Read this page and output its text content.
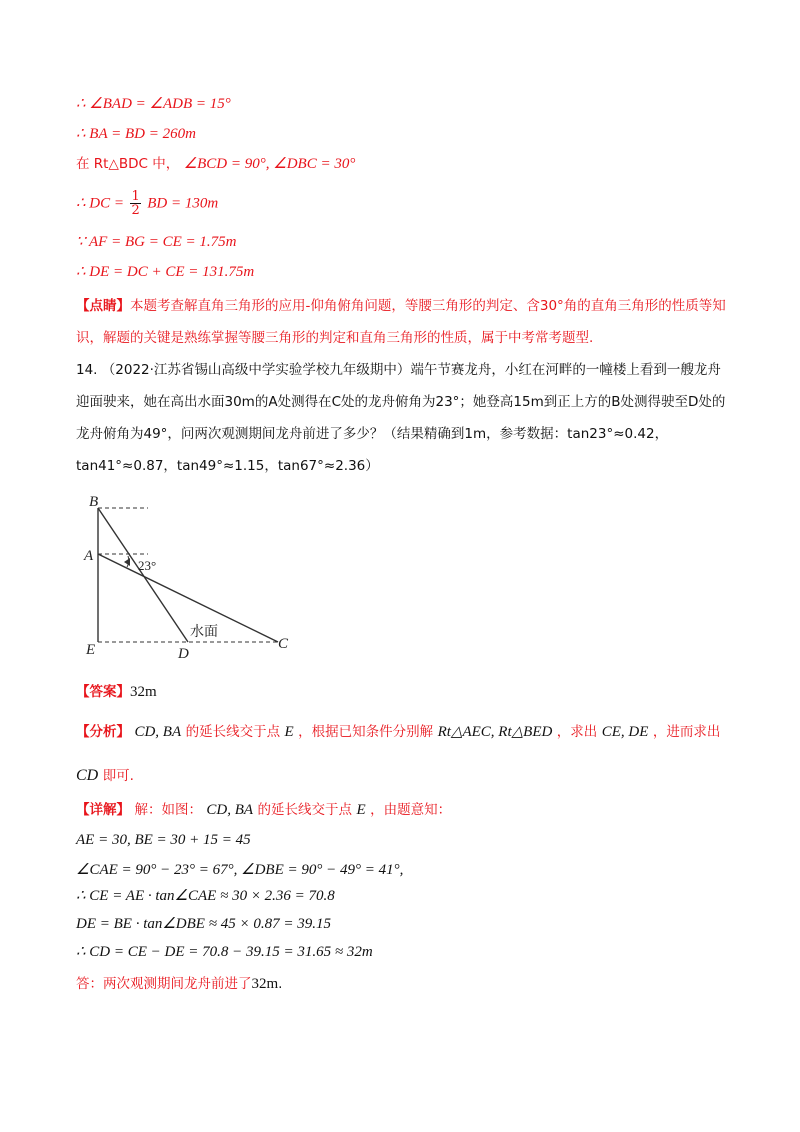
∴ ∠BAD = ∠ADB = 15°
∴ BA = BD = 260m
在 Rt△BDC 中， ∠BCD = 90°, ∠DBC = 30°
∴ DC = $\frac{1}{2}$ BD = 130m
∵ AF = BG = CE = 1.75m
∴ DE = DC + CE = 131.75m
【点睛】本题考查解直角三角形的应用-仰角俯角问题，等腰三角形的判定、含30°角的直角三角形的性质等知识，解题的关键是熟练掌握等腰三角形的判定和直角三角形的性质，属于中考常考题型.
14. （2022·江苏省锡山高级中学实验学校九年级期中）端午节赛龙舟，小红在河畔的一幢楼上看到一艘龙舟迎面驶来，她在高出水面30m的A处测得在C处的龙舟俯角为23°；她登高15m到正上方的B处测得驶至D处的龙舟俯角为49°，问两次观测期间龙舟前进了多少？（结果精确到1m，参考数据：tan23°≈0.42，tan41°≈0.87，tan49°≈1.15，tan67°≈2.36）
B
A
E	D
C
23°
水面
【答案】32m
【分析】 CD, BA 的延长线交于点 E ，根据已知条件分别解 Rt△AEC, Rt△BED ，求出 CE, DE ，进而求出
CD 即可.
【详解】 解：如图： CD, BA 的延长线交于点 E ，由题意知：
AE = 30, BE = 30 + 15 = 45
∠CAE = 90° − 23° = 67°, ∠DBE = 90° − 49° = 41°,
∴ CE = AE · tan∠CAE ≈ 30 × 2.36 = 70.8
DE = BE · tan∠DBE ≈ 45 × 0.87 = 39.15
∴ CD = CE − DE = 70.8 − 39.15 = 31.65 ≈ 32m
答：两次观测期间龙舟前进了32m.
